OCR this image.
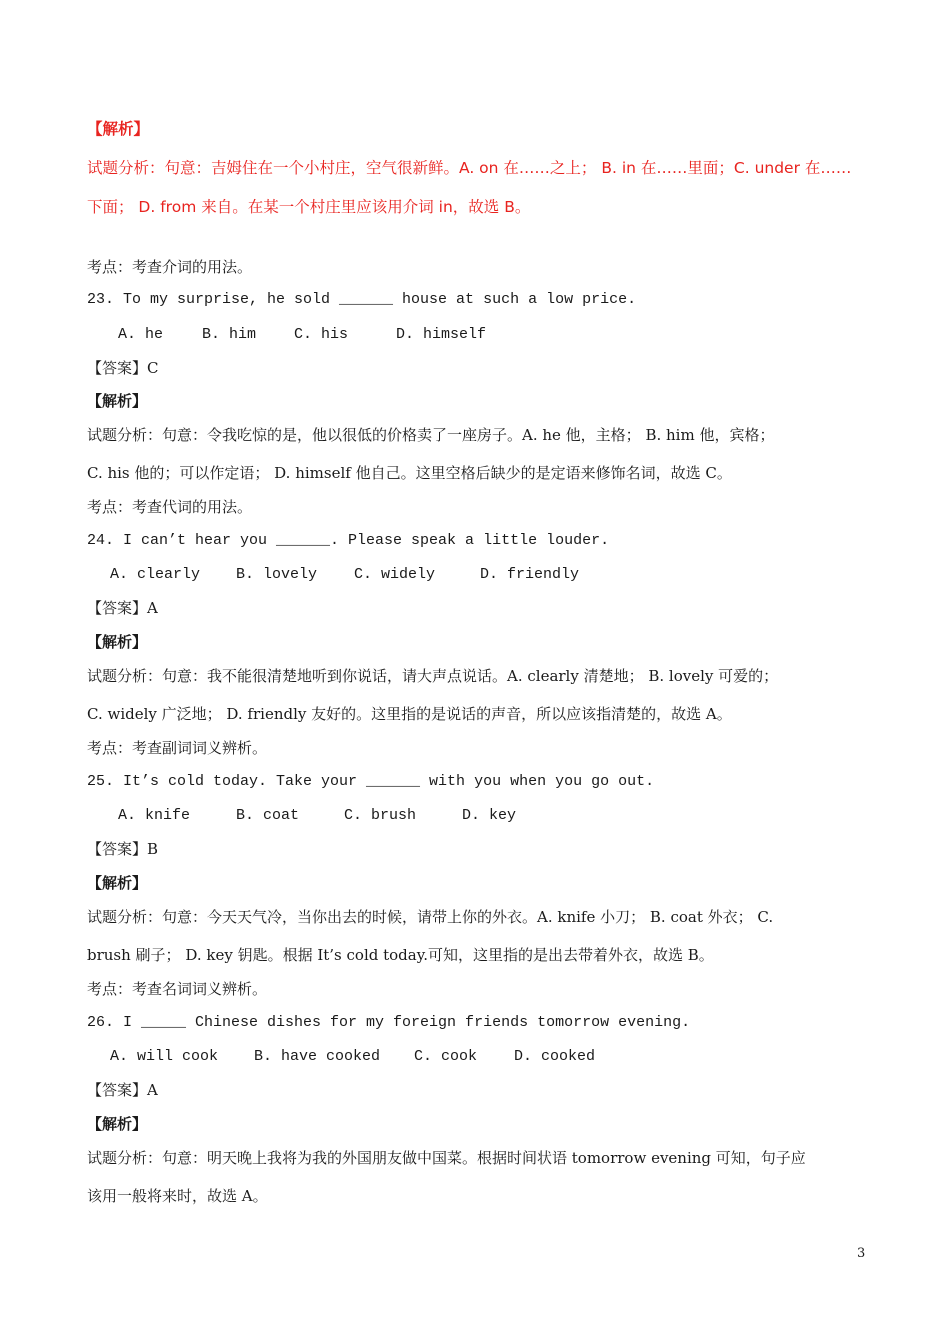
【解析】
试题分析：句意：吉姆住在一个小村庄，空气很新鲜。A. on 在……之上； B. in 在……里面；C. under 在……
下面； D. from 来自。在某一个村庄里应该用介词 in，故选 B。
考点：考查介词的用法。
23. To my surprise, he sold ______ house at such a low price.
A. he	B. him	C. his	D. himself
【答案】C
【解析】
试题分析：句意：令我吃惊的是，他以很低的价格卖了一座房子。A. he 他，主格； B. him 他，宾格；
C. his 他的；可以作定语； D. himself 他自己。这里空格后缺少的是定语来修饰名词，故选 C。
考点：考查代词的用法。
24. I can’t hear you ______. Please speak a little louder.
A. clearly B. lovely C. widely	D. friendly
【答案】A
【解析】
试题分析：句意：我不能很清楚地听到你说话，请大声点说话。A. clearly 清楚地； B. lovely 可爱的；
C. widely 广泛地； D. friendly 友好的。这里指的是说话的声音，所以应该指清楚的，故选 A。
考点：考查副词词义辨析。
25. It’s cold today. Take your ______ with you when you go out.
A. knife	B. coat	C. brush	D. key
【答案】B
【解析】
试题分析：句意：今天天气冷，当你出去的时候，请带上你的外衣。A. knife 小刀； B. coat 外衣； C.
brush 刷子； D. key 钥匙。根据 It’s cold today.可知，这里指的是出去带着外衣，故选 B。
考点：考查名词词义辨析。
26. I _____ Chinese dishes for my foreign friends tomorrow evening.
A. will cook B. have cooked C. cook D. cooked
【答案】A
【解析】
试题分析：句意：明天晚上我将为我的外国朋友做中国菜。根据时间状语 tomorrow evening 可知，句子应
该用一般将来时，故选 A。
3
